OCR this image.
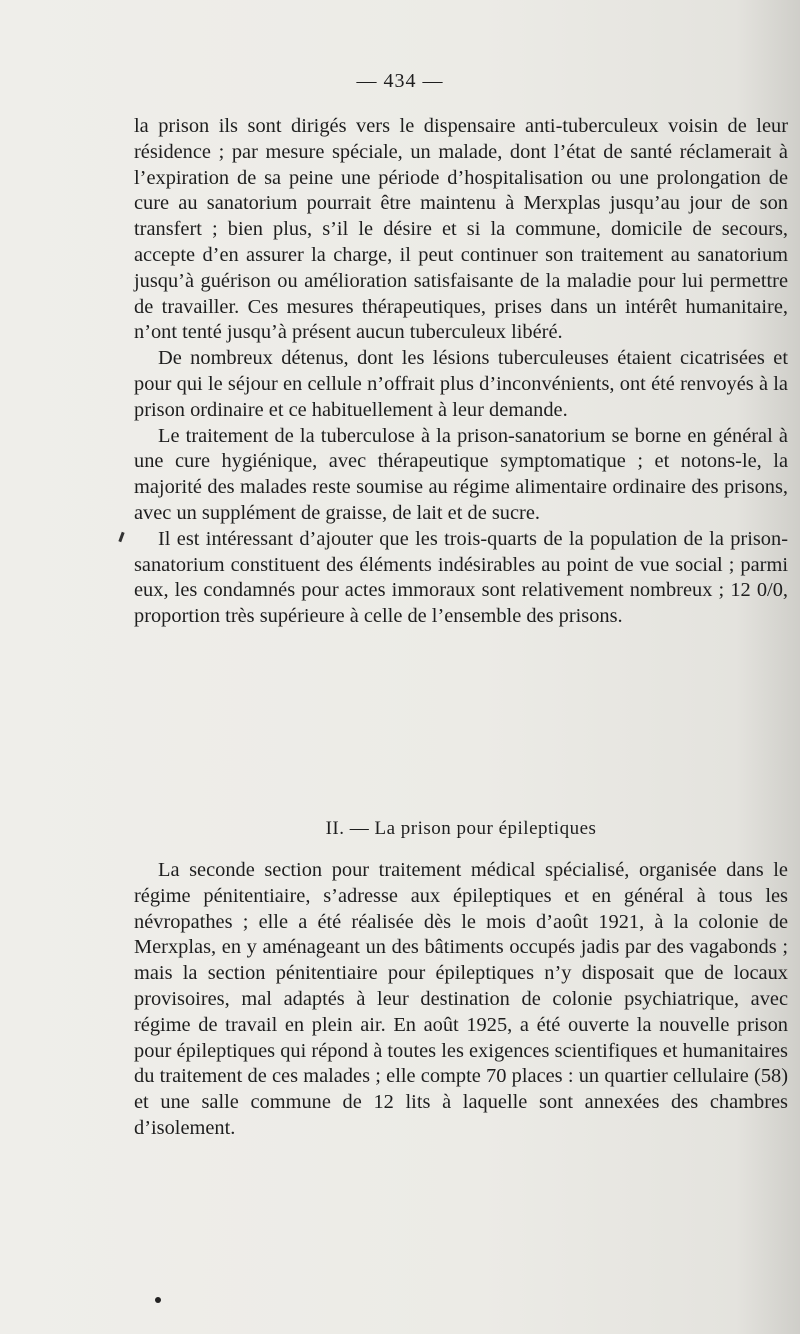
— 434 —

la prison ils sont dirigés vers le dispensaire anti-tuberculeux voisin de leur résidence ; par mesure spéciale, un malade, dont l’état de santé réclamerait à l’expiration de sa peine une période d’hospitalisation ou une prolongation de cure au sanatorium pourrait être maintenu à Merxplas jusqu’au jour de son transfert ; bien plus, s’il le désire et si la commune, domicile de secours, accepte d’en assurer la charge, il peut continuer son traitement au sanatorium jusqu’à guérison ou amélioration satisfaisante de la maladie pour lui permettre de travailler. Ces mesures thérapeutiques, prises dans un intérêt humanitaire, n’ont tenté jusqu’à présent aucun tuberculeux libéré.

De nombreux détenus, dont les lésions tuberculeuses étaient cicatrisées et pour qui le séjour en cellule n’offrait plus d’inconvénients, ont été renvoyés à la prison ordinaire et ce habituellement à leur demande.

Le traitement de la tuberculose à la prison-sanatorium se borne en général à une cure hygiénique, avec thérapeutique symptomatique ; et notons-le, la majorité des malades reste soumise au régime alimentaire ordinaire des prisons, avec un supplément de graisse, de lait et de sucre.

Il est intéressant d’ajouter que les trois-quarts de la population de la prison-sanatorium constituent des éléments indésirables au point de vue social ; parmi eux, les condamnés pour actes immoraux sont relativement nombreux ; 12 0/0, proportion très supérieure à celle de l’ensemble des prisons.

II. — La prison pour épileptiques

La seconde section pour traitement médical spécialisé, organisée dans le régime pénitentiaire, s’adresse aux épileptiques et en général à tous les névropathes ; elle a été réalisée dès le mois d’août 1921, à la colonie de Merxplas, en y aménageant un des bâtiments occupés jadis par des vagabonds ; mais la section pénitentiaire pour épileptiques n’y disposait que de locaux provisoires, mal adaptés à leur destination de colonie psychiatrique, avec régime de travail en plein air. En août 1925, a été ouverte la nouvelle prison pour épileptiques qui répond à toutes les exigences scientifiques et humanitaires du traitement de ces malades ; elle compte 70 places : un quartier cellulaire (58) et une salle commune de 12 lits à laquelle sont annexées des chambres d’isolement.
